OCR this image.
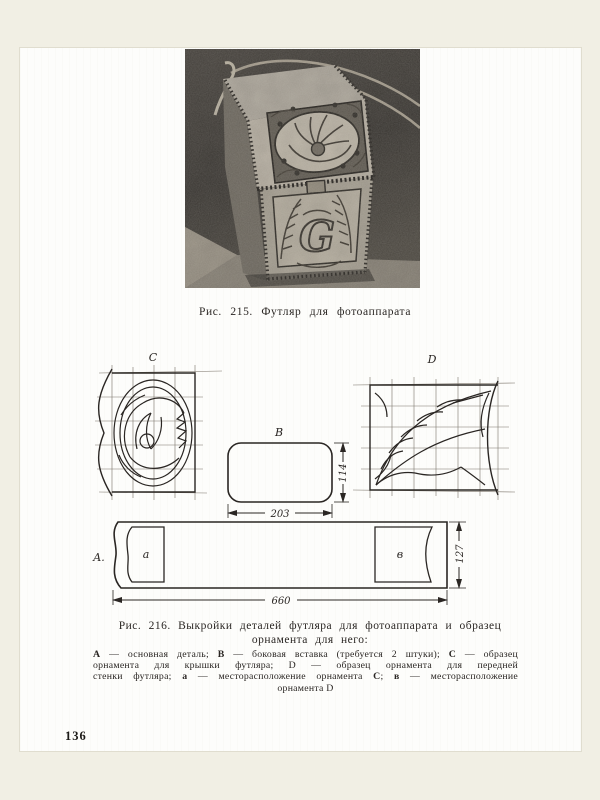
Рис. 215. Футляр для фотоаппарата
C
B
203
114
D
A.	a	в
660
127
Рис. 216. Выкройки деталей футляра для фотоаппарата и образец
орнамента для него:
А — основная деталь; В — боковая вставка (требуется 2 штуки); С — образец
орнамента для крышки футляра; D — образец орнамента для передней
стенки футляра; а — месторасположение орнамента С; в — месторасположение
орнамента D
136
